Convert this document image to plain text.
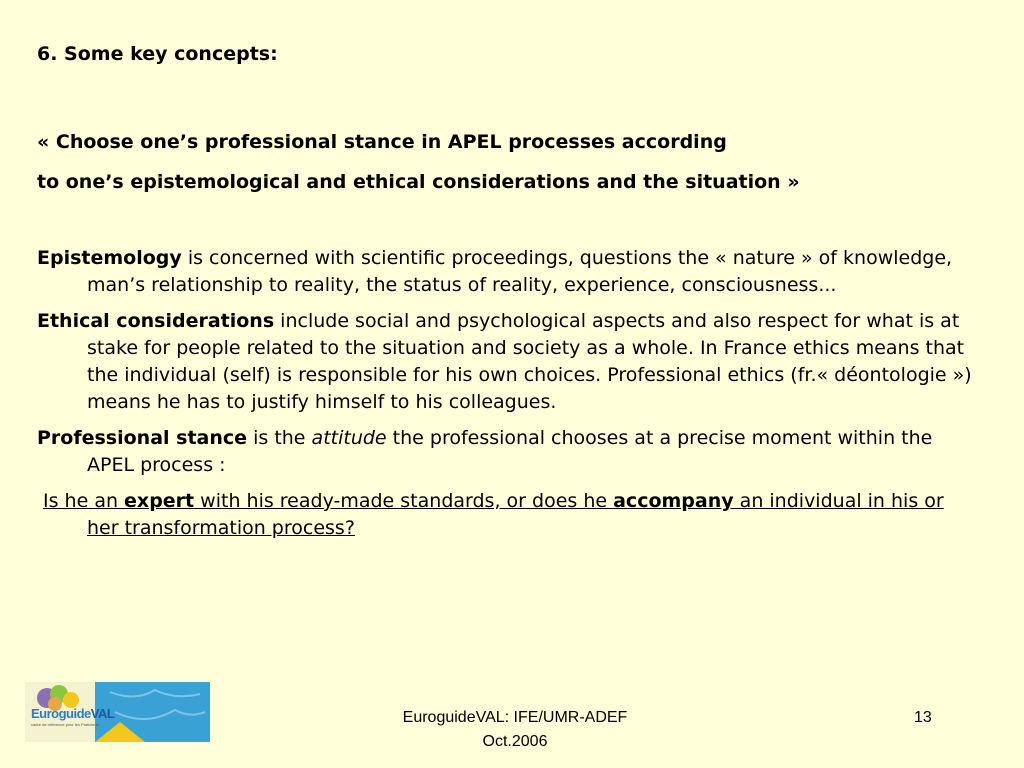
6. Some key concepts:
« Choose one’s professional stance in APEL processes according
to one’s epistemological and ethical considerations and the situation »

Epistemology is concerned with scientific proceedings, questions the « nature » of knowledge, man’s relationship to reality, the status of reality, experience, consciousness...

Ethical considerations include social and psychological aspects and also respect for what is at stake for people related to the situation and society as a whole. In France ethics means that the individual (self) is responsible for his own choices. Professional ethics (fr.« déontologie ») means he has to justify himself to his colleagues.

Professional stance is the attitude the professional chooses at a precise moment within the APEL process :

Is he an expert with his ready-made standards, or does he accompany an individual in his or her transformation process?

EuroguideVAL
cadre de référence pour les Praticiens	EuroguideVAL: IFE/UMR-ADEF
Oct.2006
13
